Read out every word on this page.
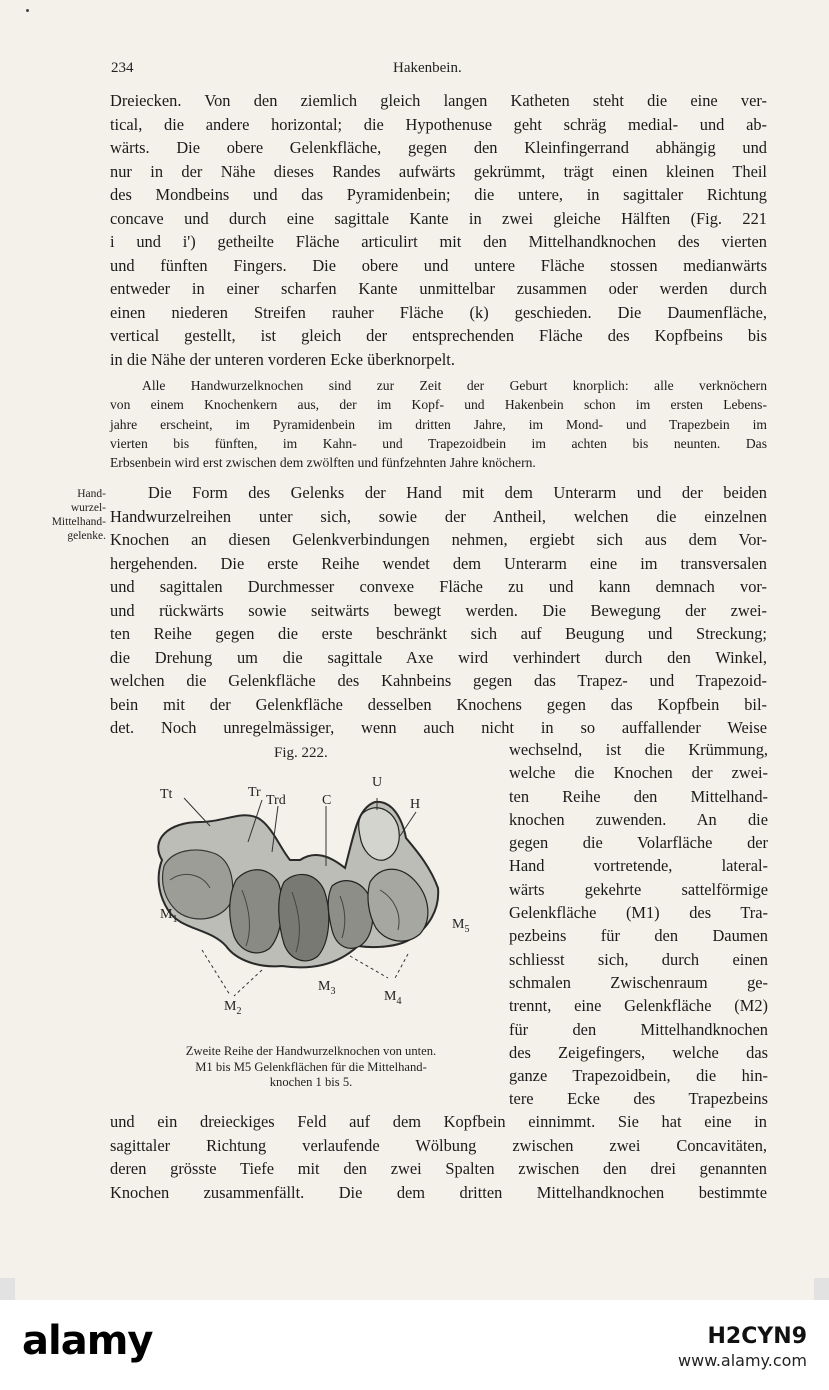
234	Hakenbein.
Dreiecken. Von den ziemlich gleich langen Katheten steht die eine ver-
tical, die andere horizontal; die Hypothenuse geht schräg medial- und ab-
wärts. Die obere Gelenkfläche, gegen den Kleinfingerrand abhängig und
nur in der Nähe dieses Randes aufwärts gekrümmt, trägt einen kleinen Theil
des Mondbeins und das Pyramidenbein; die untere, in sagittaler Richtung
concave und durch eine sagittale Kante in zwei gleiche Hälften (Fig. 221
i und i') getheilte Fläche articulirt mit den Mittelhandknochen des vierten
und fünften Fingers. Die obere und untere Fläche stossen medianwärts
entweder in einer scharfen Kante unmittelbar zusammen oder werden durch
einen niederen Streifen rauher Fläche (k) geschieden. Die Daumenfläche,
vertical gestellt, ist gleich der entsprechenden Fläche des Kopfbeins bis
in die Nähe der unteren vorderen Ecke überknorpelt.
Alle Handwurzelknochen sind zur Zeit der Geburt knorplich: alle verknöchern
von einem Knochenkern aus, der im Kopf- und Hakenbein schon im ersten Lebens-
jahre erscheint, im Pyramidenbein im dritten Jahre, im Mond- und Trapezbein im
vierten bis fünften, im Kahn- und Trapezoidbein im achten bis neunten. Das
Erbsenbein wird erst zwischen dem zwölften und fünfzehnten Jahre knöchern.
Hand-
wurzel-
Mittelhand-
gelenke.
Die Form des Gelenks der Hand mit dem Unterarm und der beiden
Handwurzelreihen unter sich, sowie der Antheil, welchen die einzelnen
Knochen an diesen Gelenkverbindungen nehmen, ergiebt sich aus dem Vor-
hergehenden. Die erste Reihe wendet dem Unterarm eine im transversalen
und sagittalen Durchmesser convexe Fläche zu und kann demnach vor-
und rückwärts sowie seitwärts bewegt werden. Die Bewegung der zwei-
ten Reihe gegen die erste beschränkt sich auf Beugung und Streckung;
die Drehung um die sagittale Axe wird verhindert durch den Winkel,
welchen die Gelenkfläche des Kahnbeins gegen das Trapez- und Trapezoid-
bein mit der Gelenkfläche desselben Knochens gegen das Kopfbein bil-
det. Noch unregelmässiger, wenn auch nicht in so auffallender Weise
Fig. 222.
Tt	Tr
Trd	C
U
H
$M_1$
$M_2$
$M_3$	$M_4$
$M_5$
Zweite Reihe der Handwurzelknochen von unten.
M1 bis M5 Gelenkflächen für die Mittelhand-
knochen 1 bis 5.
wechselnd, ist die Krümmung,
welche die Knochen der zwei-
ten Reihe den Mittelhand-
knochen zuwenden. An die
gegen die Volarfläche der
Hand vortretende, lateral-
wärts gekehrte sattelförmige
Gelenkfläche (M1) des Tra-
pezbeins für den Daumen
schliesst sich, durch einen
schmalen Zwischenraum ge-
trennt, eine Gelenkfläche (M2)
für den Mittelhandknochen
des Zeigefingers, welche das
ganze Trapezoidbein, die hin-
tere Ecke des Trapezbeins
und ein dreieckiges Feld auf dem Kopfbein einnimmt. Sie hat eine in
sagittaler Richtung verlaufende Wölbung zwischen zwei Concavitäten,
deren grösste Tiefe mit den zwei Spalten zwischen den drei genannten
Knochen zusammenfällt. Die dem dritten Mittelhandknochen bestimmte
alamy	H2CYN9
www.alamy.com
